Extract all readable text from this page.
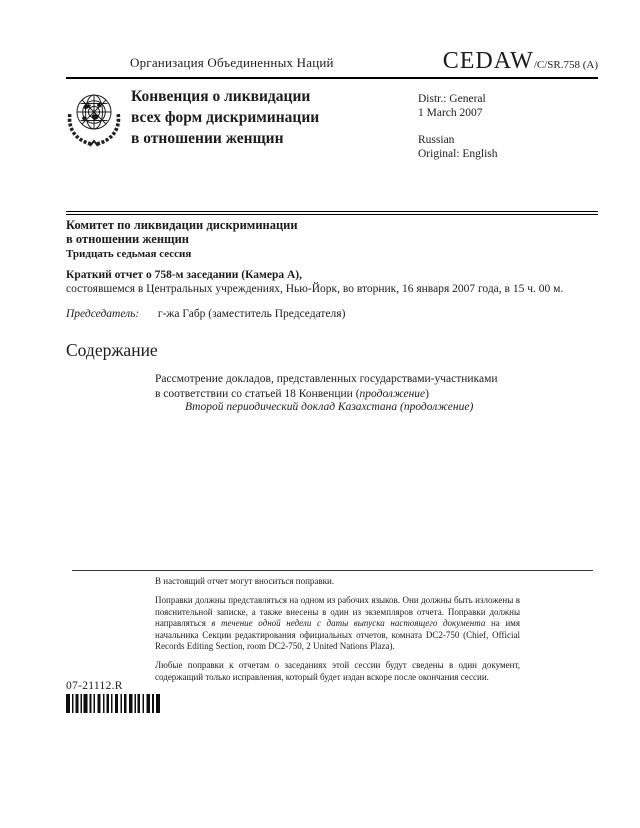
Организация Объединенных Наций	CEDAW/C/SR.758 (A)
Конвенция о ликвидации
всех форм дискриминации
в отношении женщин
Distr.: General
1 March 2007
Russian
Original: English
Комитет по ликвидации дискриминации
в отношении женщин
Тридцать седьмая сессия
Краткий отчет о 758-м заседании (Камера А),
состоявшемся в Центральных учреждениях, Нью-Йорк, во вторник, 16 января 2007 года, в 15 ч. 00 м.
Председатель: г-жа Габр (заместитель Председателя)
Содержание
Рассмотрение докладов, представленных государствами-участниками в соответствии со статьей 18 Конвенции (продолжение)
Второй периодический доклад Казахстана (продолжение)

В настоящий отчет могут вноситься поправки.

Поправки должны представляться на одном из рабочих языков. Они должны быть изложены в пояснительной записке, а также внесены в один из экземпляров отчета. Поправки должны направляться в течение одной недели с даты выпуска настоящего документа на имя начальника Секции редактирования официальных отчетов, комната DC2-750 (Chief, Official Records Editing Section, room DC2-750, 2 United Nations Plaza).

Любые поправки к отчетам о заседаниях этой сессии будут сведены в один документ, содержащий только исправления, который будет издан вскоре после окончания сессии.

07-21112.R
